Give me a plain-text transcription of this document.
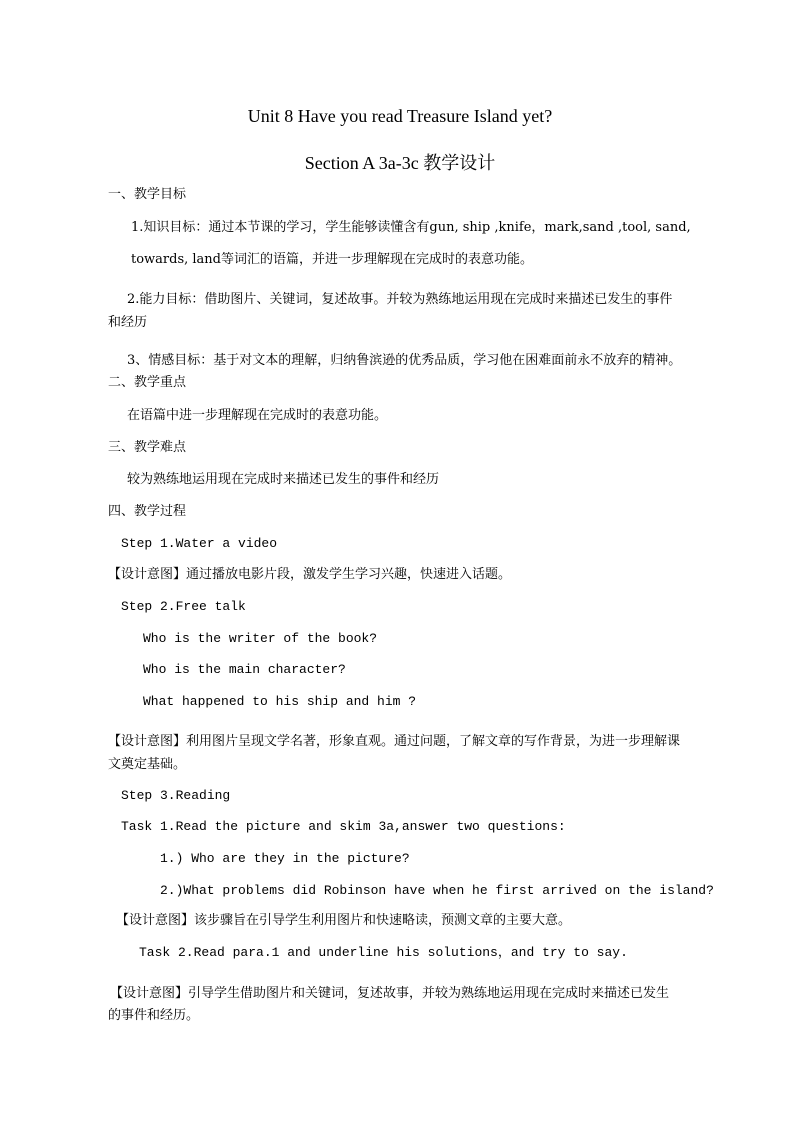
Unit 8 Have you read Treasure Island yet?
Section A 3a-3c 教学设计
一、教学目标
1.知识目标：通过本节课的学习，学生能够读懂含有gun, ship ,knife，mark,sand ,tool, sand,
towards, land等词汇的语篇，并进一步理解现在完成时的表意功能。
2.能力目标：借助图片、关键词，复述故事。并较为熟练地运用现在完成时来描述已发生的事件
和经历
3、情感目标：基于对文本的理解，归纳鲁滨逊的优秀品质，学习他在困难面前永不放弃的精神。
二、教学重点
在语篇中进一步理解现在完成时的表意功能。
三、教学难点
较为熟练地运用现在完成时来描述已发生的事件和经历
四、教学过程
Step 1.Water a video
【设计意图】通过播放电影片段，激发学生学习兴趣，快速进入话题。
Step 2.Free talk
Who is the writer of the book?
Who is the main character?
What happened to his ship and him ?
【设计意图】利用图片呈现文学名著，形象直观。通过问题，了解文章的写作背景，为进一步理解课
文奠定基础。
Step 3.Reading
Task 1.Read the picture and skim 3a,answer two questions:
1.) Who are they in the picture?
2.)What problems did Robinson have when he first arrived on the island?
【设计意图】该步骤旨在引导学生利用图片和快速略读，预测文章的主要大意。
Task 2.Read para.1 and underline his solutions，and try to say.
【设计意图】引导学生借助图片和关键词，复述故事，并较为熟练地运用现在完成时来描述已发生
的事件和经历。
